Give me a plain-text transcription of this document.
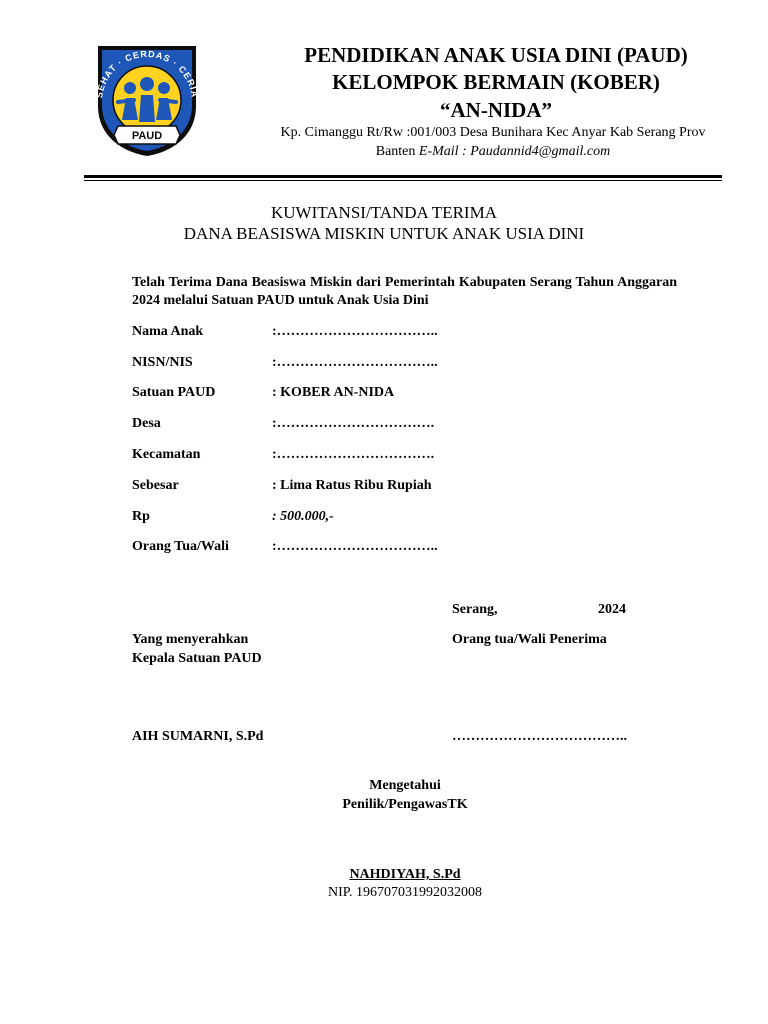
SEHAT · CERDAS · CERIA
PAUD
PENDIDIKAN ANAK USIA DINI (PAUD)
KELOMPOK BERMAIN (KOBER)
“AN-NIDA”
Kp. Cimanggu Rt/Rw :001/003 Desa Bunihara Kec Anyar Kab Serang Prov
Banten E-Mail : Paudannid4@gmail.com
KUWITANSI/TANDA TERIMA
DANA BEASISWA MISKIN UNTUK ANAK USIA DINI
Telah Terima Dana Beasiswa Miskin dari Pemerintah Kabupaten Serang Tahun Anggaran 2024 melalui Satuan PAUD untuk Anak Usia Dini
Nama Anak	:……………………………..
NISN/NIS	:……………………………..
Satuan PAUD	: KOBER AN-NIDA
Desa	:…………………………….
Kecamatan	:…………………………….
Sebesar	: Lima Ratus Ribu Rupiah
Rp	: 500.000,-
Orang Tua/Wali	:……………………………..
Serang,	2024
Yang menyerahkan
Kepala Satuan PAUD
Orang tua/Wali Penerima
AIH SUMARNI, S.Pd	………………………………..
Mengetahui
Penilik/PengawasTK
NAHDIYAH, S.Pd
NIP. 196707031992032008
